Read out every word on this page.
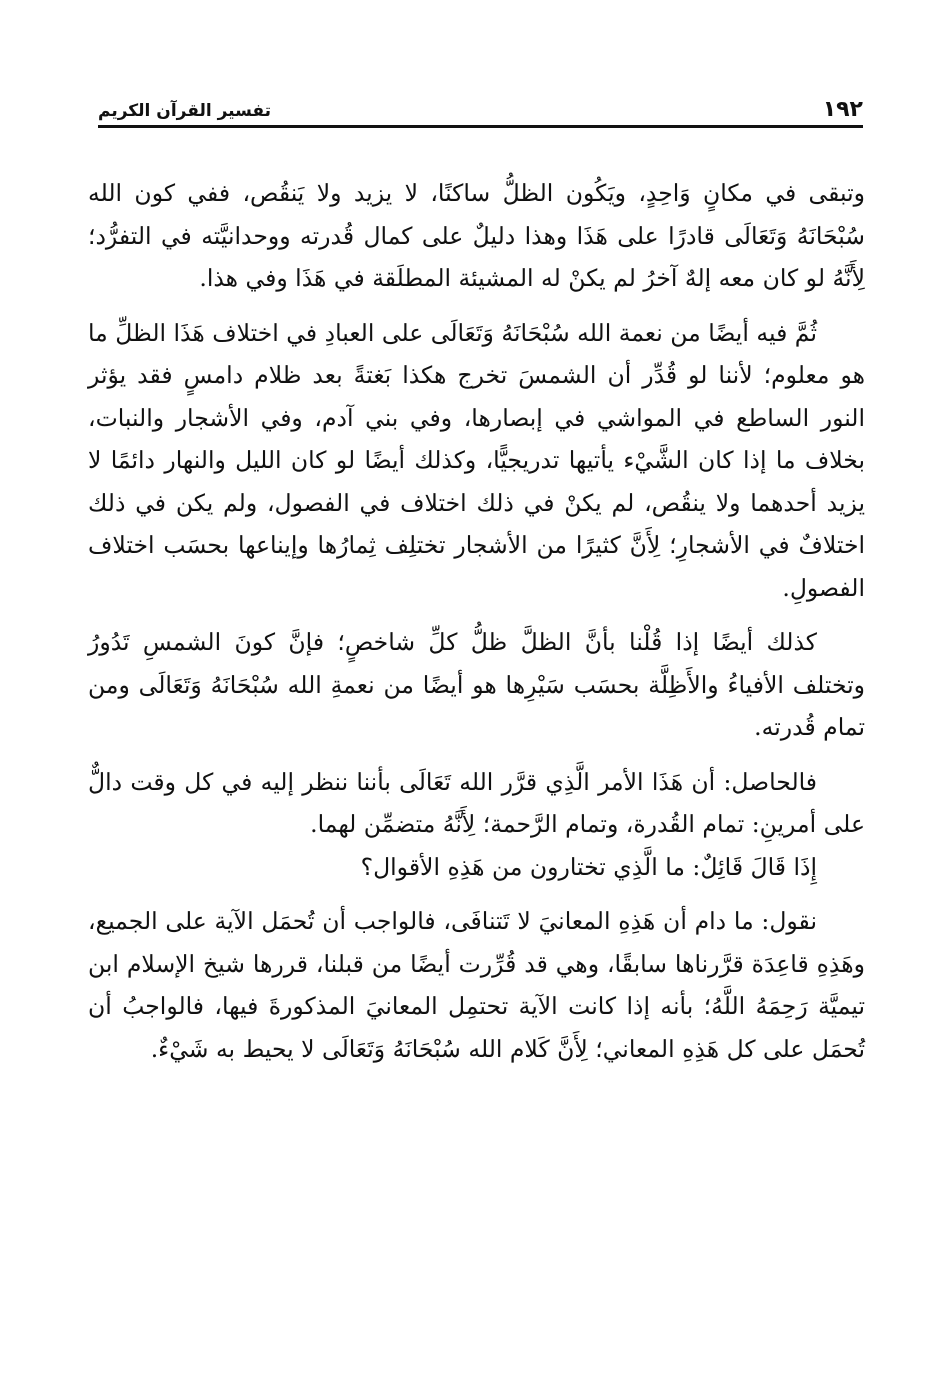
١٩٢
تفسير القرآن الكريم

وتبقى في مكانٍ وَاحِدٍ، ويَكُون الظلُّ ساكنًا، لا يزيد ولا يَنقُص، ففي كون الله سُبْحَانَهُ وَتَعَالَى قادرًا على هَذَا وهذا دليلٌ على كمال قُدرته ووحدانيَّته في التفرُّد؛ لِأَنَّهُ لو كان معه إلهٌ آخرُ لم يكنْ له المشيئة المطلَقة في هَذَا وفي هذا.

ثُمَّ فيه أيضًا من نعمة الله سُبْحَانَهُ وَتَعَالَى على العبادِ في اختلاف هَذَا الظلِّ ما هو معلوم؛ لأننا لو قُدِّر أن الشمسَ تخرج هكذا بَغتةً بعد ظلام دامسٍ فقد يؤثر النور الساطع في المواشي في إبصارها، وفي بني آدم، وفي الأشجار والنبات، بخلاف ما إذا كان الشَّيْء يأتيها تدريجيًّا، وكذلك أيضًا لو كان الليل والنهار دائمًا لا يزيد أحدهما ولا ينقُص، لم يكنْ في ذلك اختلاف في الفصول، ولم يكن في ذلك اختلافٌ في الأشجارِ؛ لِأَنَّ كثيرًا من الأشجار تختلِف ثِمارُها وإيناعها بحسَب اختلاف الفصولِ.

كذلك أيضًا إذا قُلْنا بأنَّ الظلَّ ظلُّ كلِّ شاخصٍ؛ فإنَّ كونَ الشمسِ تَدُورُ وتختلف الأفياءُ والأَظِلَّة بحسَب سَيْرِها هو أيضًا من نعمةِ الله سُبْحَانَهُ وَتَعَالَى ومن تمام قُدرته.

فالحاصل: أن هَذَا الأمر الَّذِي قرَّر الله تَعَالَى بأننا ننظر إليه في كل وقت دالٌّ على أمرينِ: تمام القُدرة، وتمام الرَّحمة؛ لِأَنَّهُ متضمِّن لهما.

إِذَا قَالَ قَائِلٌ: ما الَّذِي تختارون من هَذِهِ الأقوال؟

نقول: ما دام أن هَذِهِ المعانيَ لا تَتنافَى، فالواجب أن تُحمَل الآية على الجميع، وهَذِهِ قاعِدَة قرَّرناها سابقًا، وهي قد قُرِّرت أيضًا من قبلنا، قررها شيخ الإسلام ابن تيميَّة رَحِمَهُ اللَّهُ؛ بأنه إذا كانت الآية تحتمِل المعانيَ المذكورةَ فيها، فالواجبُ أن تُحمَل على كل هَذِهِ المعاني؛ لِأَنَّ كَلام الله سُبْحَانَهُ وَتَعَالَى لا يحيط به شَيْءٌ.
